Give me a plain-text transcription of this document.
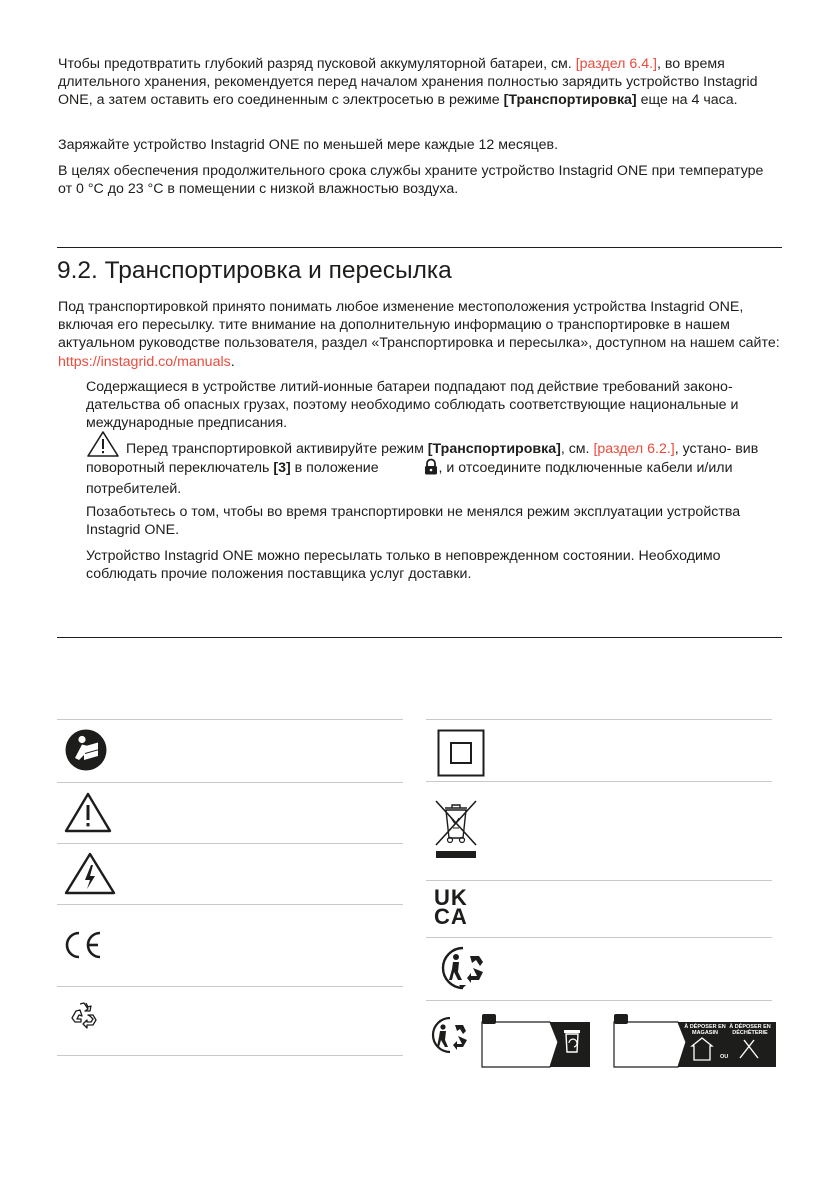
Чтобы предотвратить глубокий разряд пусковой аккумуляторной батареи, см. [раздел 6.4.], во время длительного хранения, рекомендуется перед началом хранения полностью зарядить устройство Instagrid ONE, а затем оставить его соединенным с электросетью в режиме [Транспортировка] еще на 4 часа.

Заряжайте устройство Instagrid ONE по меньшей мере каждые 12 месяцев.

В целях обеспечения продолжительного срока службы храните устройство Instagrid ONE при температуре от 0 °C до 23 °C в помещении с низкой влажностью воздуха.

9.2. Транспортировка и пересылка

Под транспортировкой принято понимать любое изменение местоположения устройства Instagrid ONE, включая его пересылку. тите внимание на дополнительную информацию о транспортировке в нашем актуальном руководстве пользователя, раздел «Транспортировка и пересылка», доступном на нашем сайте: https://instagrid.co/manuals.

Содержащиеся в устройстве литий-ионные батареи подпадают под действие требований законо- дательства об опасных грузах, поэтому необходимо соблюдать соответствующие национальные и международные предписания.

Перед транспортировкой активируйте режим [Транспортировка], см. [раздел 6.2.], устано- вив поворотный переключатель [3] в положение	, и отсоедините подключенные кабели и/или потребителей.

Позаботьтесь о том, чтобы во время транспортировки не менялся режим эксплуатации устройства Instagrid ONE.

Устройство Instagrid ONE можно пересылать только в неповрежденном состоянии. Необходимо соблюдать прочие положения поставщика услуг доставки.

CE
UK
CA
À DÉPOSER EN MAGASIN
À DÉPOSER EN DÉCHÈTERIE
OU
